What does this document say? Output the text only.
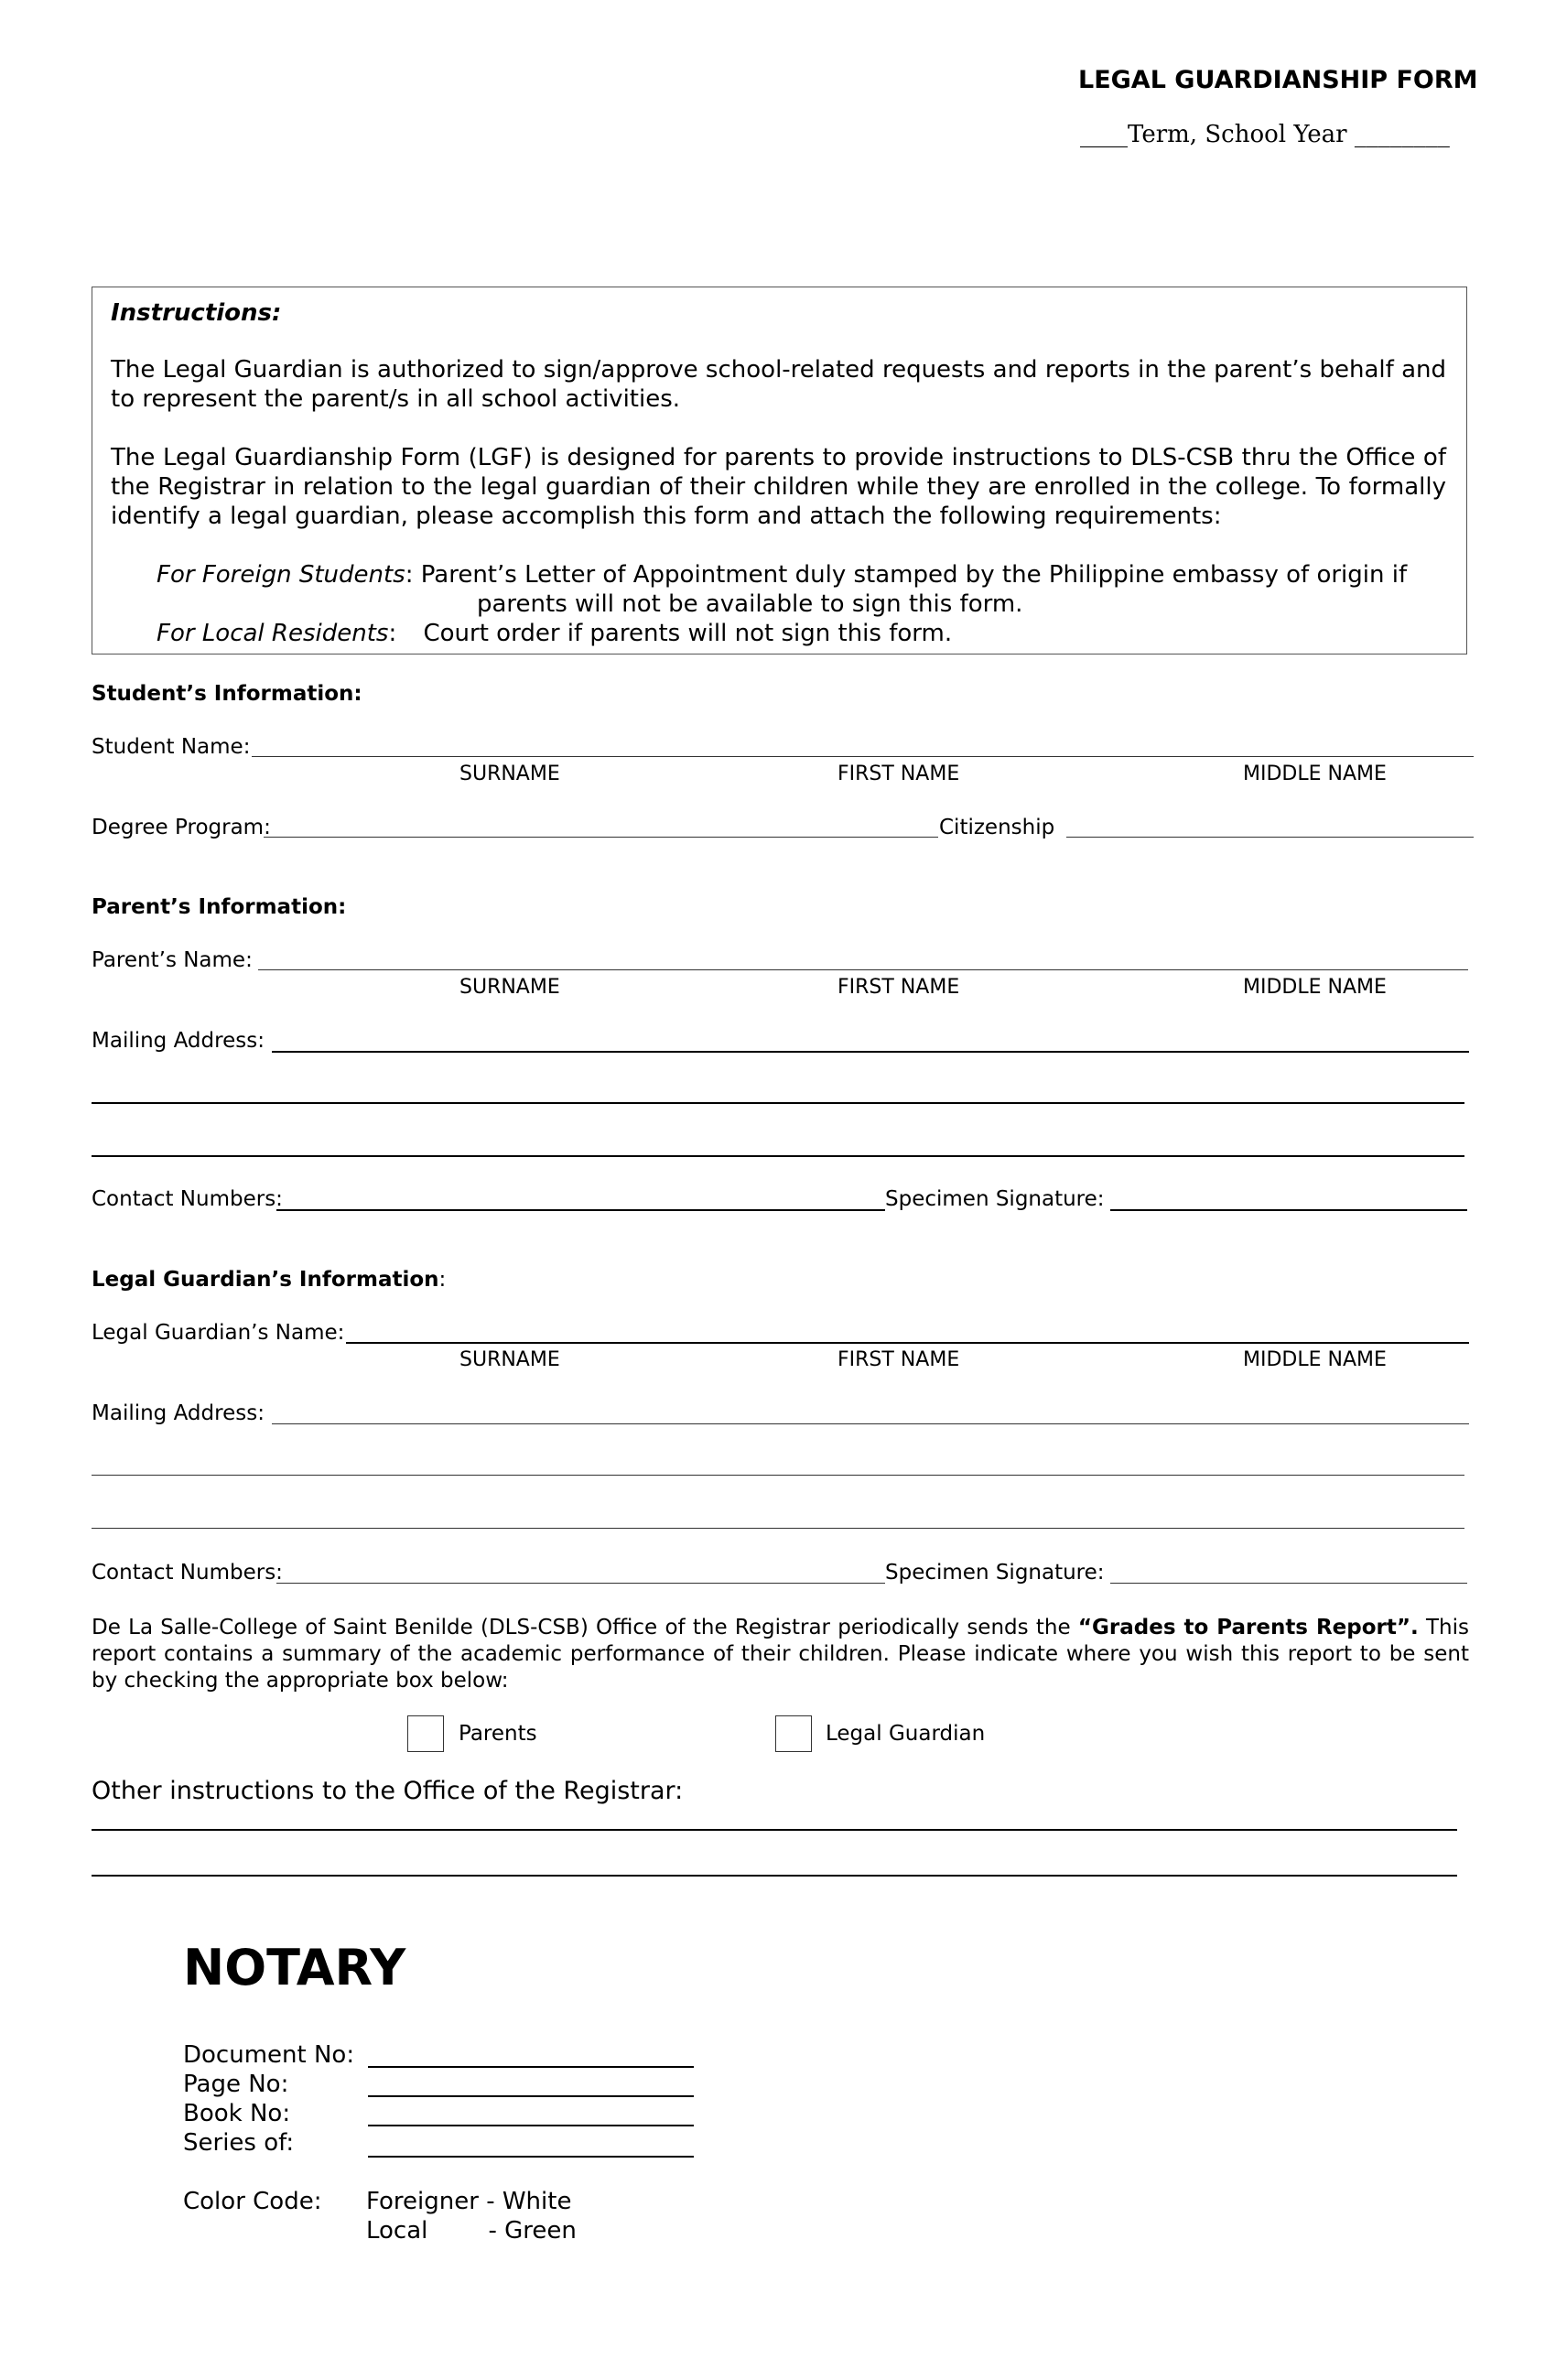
LEGAL GUARDIANSHIP FORM
____Term, School Year ________

Instructions:

The Legal Guardian is authorized to sign/approve school-related requests and reports in the parent’s behalf and to represent the parent/s in all school activities.

The Legal Guardianship Form (LGF) is designed for parents to provide instructions to DLS-CSB thru the Office of the Registrar in relation to the legal guardian of their children while they are enrolled in the college. To formally identify a legal guardian, please accomplish this form and attach the following requirements:

For Foreign Students : Parent’s Letter of Appointment duly stamped by the Philippine embassy of origin if
parents will not be available to sign this form.
For Local Residents :	Court order if parents will not sign this form.
Student’s Information:
Student Name:
SURNAME	FIRST NAME	MIDDLE NAME
Degree Program:	Citizenship
Parent’s Information:
Parent’s Name:
SURNAME	FIRST NAME	MIDDLE NAME
Mailing Address:
Contact Numbers:	Specimen Signature:
Legal Guardian’s Information:
Legal Guardian’s Name:
SURNAME	FIRST NAME	MIDDLE NAME
Mailing Address:
Contact Numbers:	Specimen Signature:
De La Salle-College of Saint Benilde (DLS-CSB) Office of the Registrar periodically sends the “Grades to Parents Report”. This report contains a summary of the academic performance of their children. Please indicate where you wish this report to be sent by checking the appropriate box below:
Parents	Legal Guardian
Other instructions to the Office of the Registrar:
NOTARY
Document No:
Page No:
Book No:
Series of:
Color Code: Foreigner - White
Local        - Green
